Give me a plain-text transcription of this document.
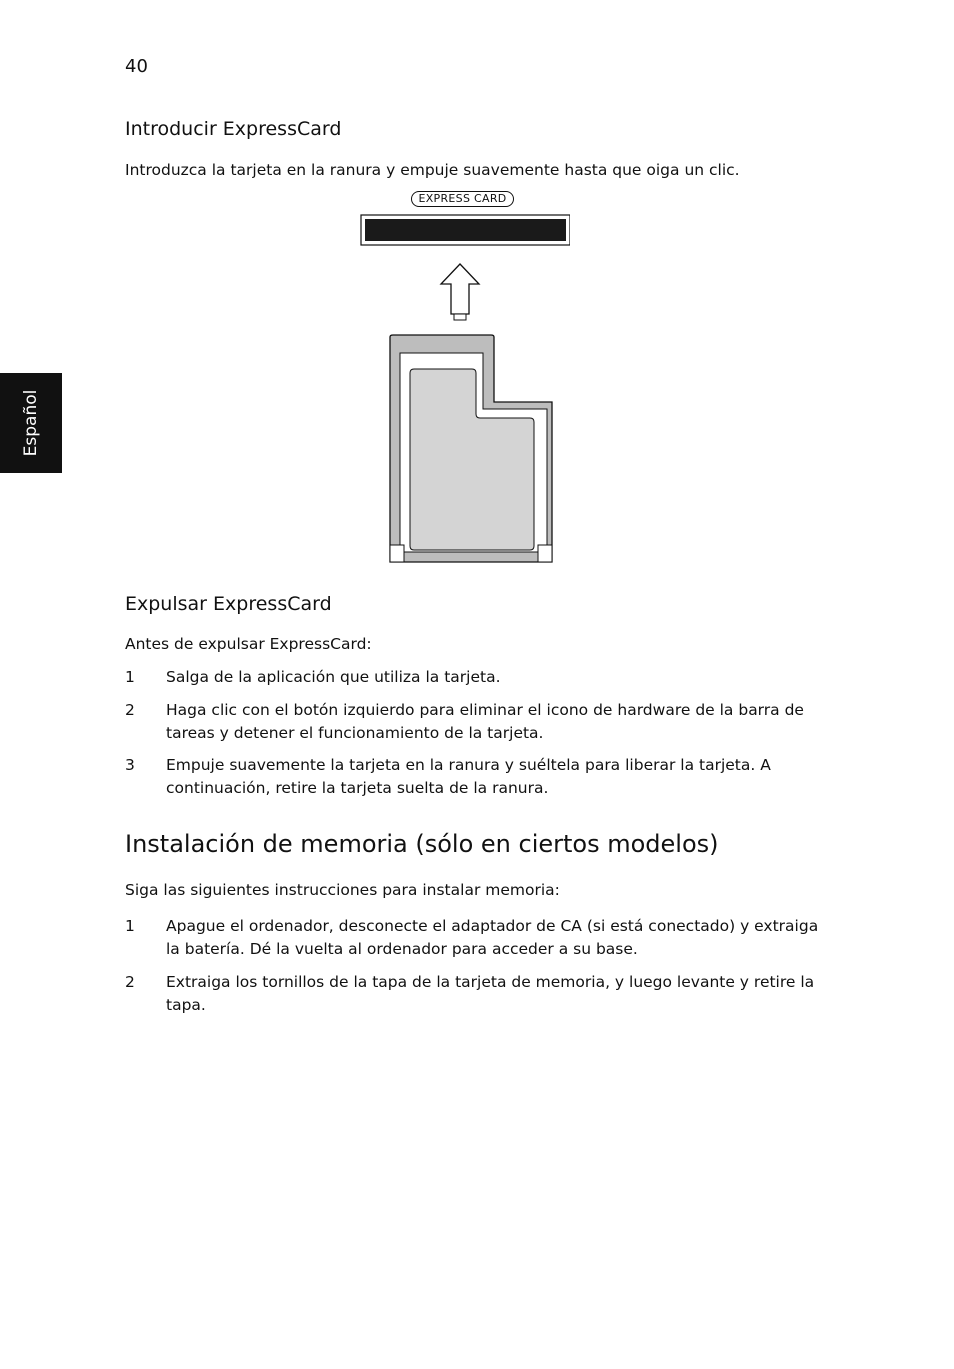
40
Español
Introducir ExpressCard

Introduzca la tarjeta en la ranura y empuje suavemente hasta que oiga un clic.

EXPRESS CARD
Expulsar ExpressCard

Antes de expulsar ExpressCard:

1 Salga de la aplicación que utiliza la tarjeta.
2 Haga clic con el botón izquierdo para eliminar el icono de hardware de la barra de tareas y detener el funcionamiento de la tarjeta.
3 Empuje suavemente la tarjeta en la ranura y suéltela para liberar la tarjeta. A continuación, retire la tarjeta suelta de la ranura.
Instalación de memoria (sólo en ciertos modelos)

Siga las siguientes instrucciones para instalar memoria:

1 Apague el ordenador, desconecte el adaptador de CA (si está conectado) y extraiga la batería. Dé la vuelta al ordenador para acceder a su base.
2 Extraiga los tornillos de la tapa de la tarjeta de memoria, y luego levante y retire la tapa.
